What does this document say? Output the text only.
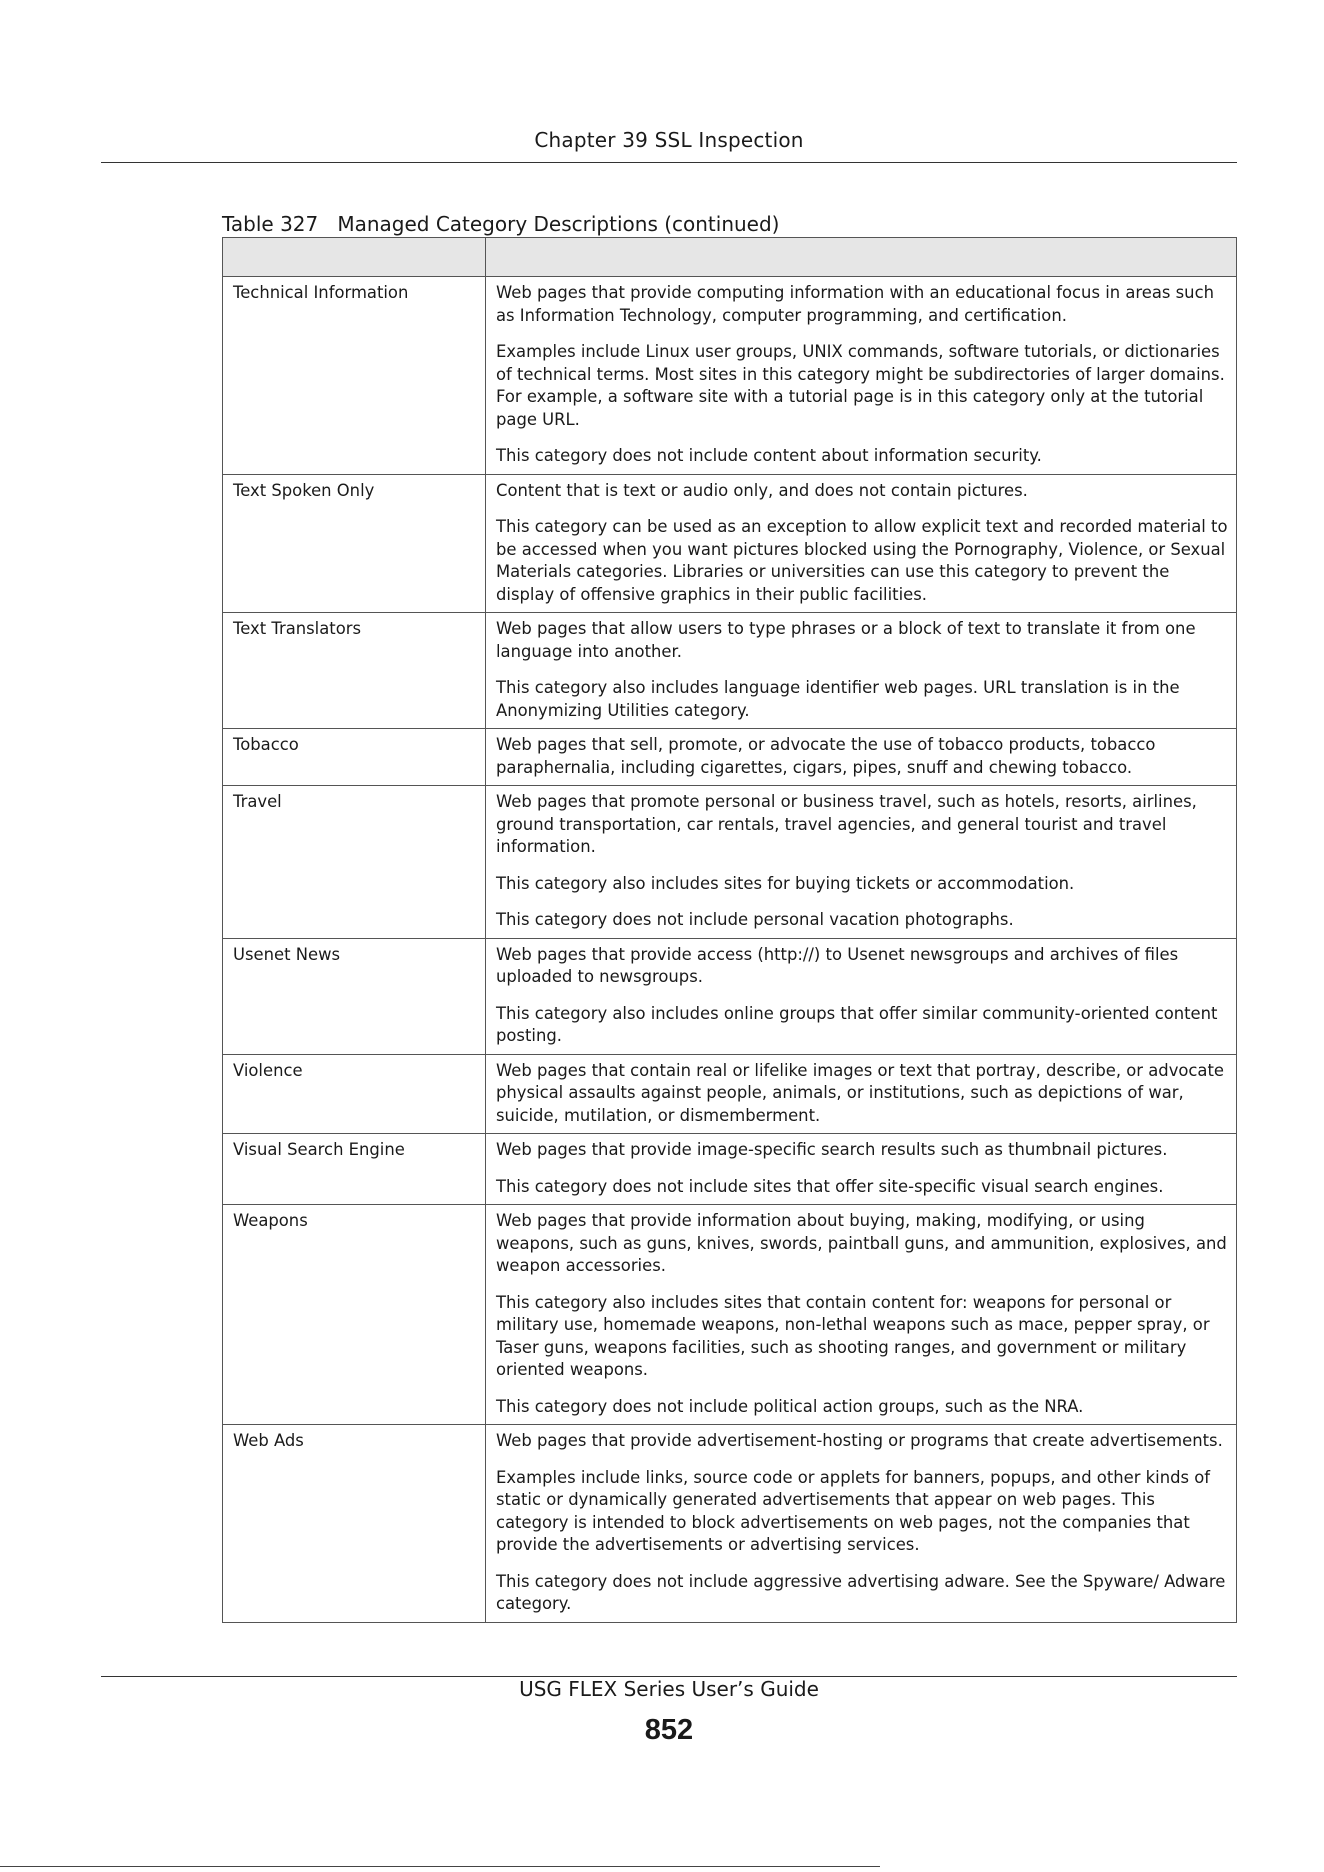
Chapter 39 SSL Inspection
Table 327   Managed Category Descriptions (continued)

Technical Information	Web pages that provide computing information with an educational focus in areas such as Information Technology, computer programming, and certification.

Examples include Linux user groups, UNIX commands, software tutorials, or dictionaries of technical terms. Most sites in this category might be subdirectories of larger domains. For example, a software site with a tutorial page is in this category only at the tutorial page URL.

This category does not include content about information security.

Text Spoken Only	Content that is text or audio only, and does not contain pictures.

This category can be used as an exception to allow explicit text and recorded material to be accessed when you want pictures blocked using the Pornography, Violence, or Sexual Materials categories. Libraries or universities can use this category to prevent the display of offensive graphics in their public facilities.

Text Translators	Web pages that allow users to type phrases or a block of text to translate it from one language into another.

This category also includes language identifier web pages. URL translation is in the Anonymizing Utilities category.

Tobacco	Web pages that sell, promote, or advocate the use of tobacco products, tobacco paraphernalia, including cigarettes, cigars, pipes, snuff and chewing tobacco.

Travel	Web pages that promote personal or business travel, such as hotels, resorts, airlines, ground transportation, car rentals, travel agencies, and general tourist and travel information.

This category also includes sites for buying tickets or accommodation.

This category does not include personal vacation photographs.

Usenet News	Web pages that provide access (http://) to Usenet newsgroups and archives of files uploaded to newsgroups.

This category also includes online groups that offer similar community-oriented content posting.

Violence	Web pages that contain real or lifelike images or text that portray, describe, or advocate physical assaults against people, animals, or institutions, such as depictions of war, suicide, mutilation, or dismemberment.

Visual Search Engine	Web pages that provide image-specific search results such as thumbnail pictures.

This category does not include sites that offer site-specific visual search engines.

Weapons	Web pages that provide information about buying, making, modifying, or using weapons, such as guns, knives, swords, paintball guns, and ammunition, explosives, and weapon accessories.

This category also includes sites that contain content for: weapons for personal or military use, homemade weapons, non-lethal weapons such as mace, pepper spray, or Taser guns, weapons facilities, such as shooting ranges, and government or military oriented weapons.

This category does not include political action groups, such as the NRA.

Web Ads	Web pages that provide advertisement-hosting or programs that create advertisements.

Examples include links, source code or applets for banners, popups, and other kinds of static or dynamically generated advertisements that appear on web pages. This category is intended to block advertisements on web pages, not the companies that provide the advertisements or advertising services.

This category does not include aggressive advertising adware. See the Spyware/ Adware category.

USG FLEX Series User’s Guide
852
